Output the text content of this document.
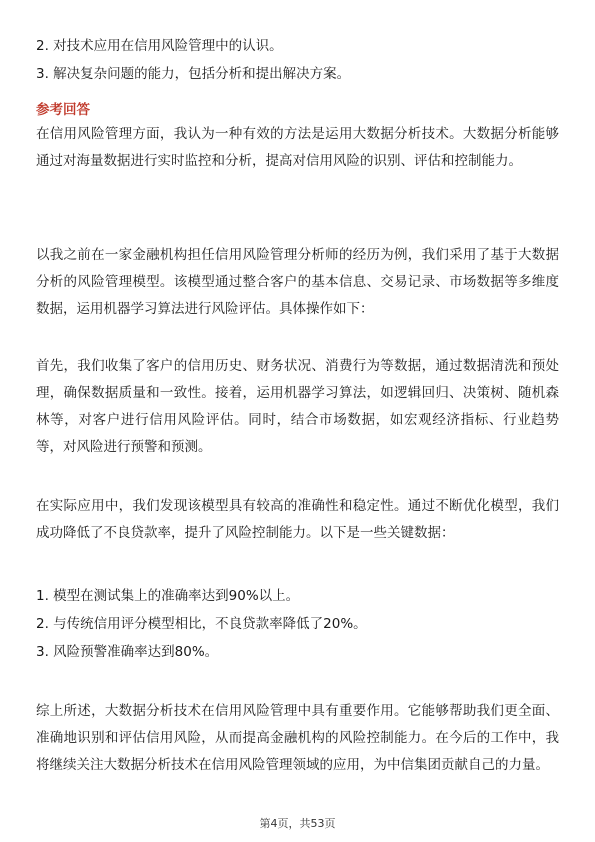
2. 对技术应用在信用风险管理中的认识。
3. 解决复杂问题的能力，包括分析和提出解决方案。
参考回答

在信用风险管理方面，我认为一种有效的方法是运用大数据分析技术。大数据分析能够通过对海量数据进行实时监控和分析，提高对信用风险的识别、评估和控制能力。

以我之前在一家金融机构担任信用风险管理分析师的经历为例，我们采用了基于大数据分析的风险管理模型。该模型通过整合客户的基本信息、交易记录、市场数据等多维度数据，运用机器学习算法进行风险评估。具体操作如下：

首先，我们收集了客户的信用历史、财务状况、消费行为等数据，通过数据清洗和预处理，确保数据质量和一致性。接着，运用机器学习算法，如逻辑回归、决策树、随机森林等，对客户进行信用风险评估。同时，结合市场数据，如宏观经济指标、行业趋势等，对风险进行预警和预测。

在实际应用中，我们发现该模型具有较高的准确性和稳定性。通过不断优化模型，我们成功降低了不良贷款率，提升了风险控制能力。以下是一些关键数据：

1. 模型在测试集上的准确率达到90%以上。
2. 与传统信用评分模型相比，不良贷款率降低了20%。
3. 风险预警准确率达到80%。

综上所述，大数据分析技术在信用风险管理中具有重要作用。它能够帮助我们更全面、准确地识别和评估信用风险，从而提高金融机构的风险控制能力。在今后的工作中，我将继续关注大数据分析技术在信用风险管理领域的应用，为中信集团贡献自己的力量。

第4页，共53页
